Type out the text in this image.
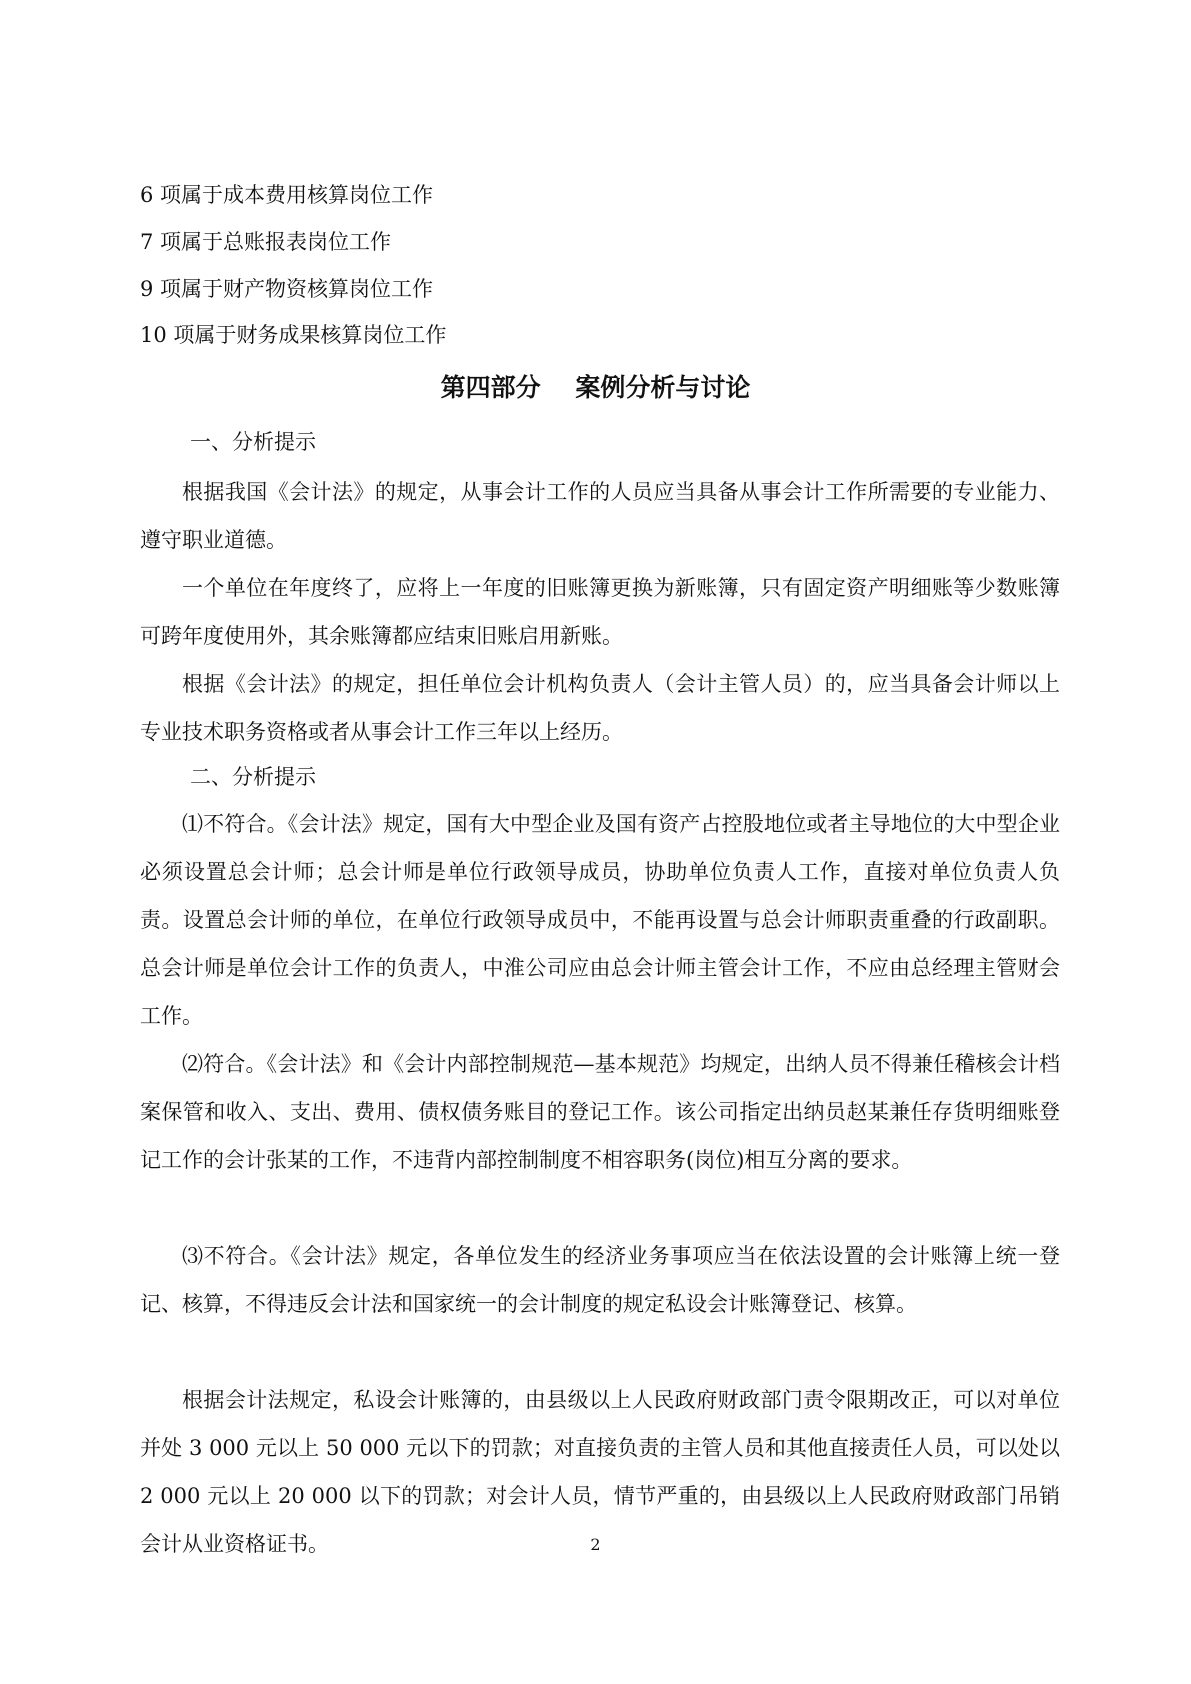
6 项属于成本费用核算岗位工作
7 项属于总账报表岗位工作
9 项属于财产物资核算岗位工作
10 项属于财务成果核算岗位工作
第四部分    案例分析与讨论
一、分析提示
根据我国《会计法》的规定，从事会计工作的人员应当具备从事会计工作所需要的专业能力、遵守职业道德。
一个单位在年度终了，应将上一年度的旧账簿更换为新账簿，只有固定资产明细账等少数账簿可跨年度使用外，其余账簿都应结束旧账启用新账。
根据《会计法》的规定，担任单位会计机构负责人（会计主管人员）的，应当具备会计师以上专业技术职务资格或者从事会计工作三年以上经历。
二、分析提示
⑴不符合。《会计法》规定，国有大中型企业及国有资产占控股地位或者主导地位的大中型企业必须设置总会计师；总会计师是单位行政领导成员，协助单位负责人工作，直接对单位负责人负责。设置总会计师的单位，在单位行政领导成员中，不能再设置与总会计师职责重叠的行政副职。总会计师是单位会计工作的负责人，中淮公司应由总会计师主管会计工作，不应由总经理主管财会工作。
⑵符合。《会计法》和《会计内部控制规范—基本规范》均规定，出纳人员不得兼任稽核会计档案保管和收入、支出、费用、债权债务账目的登记工作。该公司指定出纳员赵某兼任存货明细账登记工作的会计张某的工作，不违背内部控制制度不相容职务(岗位)相互分离的要求。
⑶不符合。《会计法》规定，各单位发生的经济业务事项应当在依法设置的会计账簿上统一登记、核算，不得违反会计法和国家统一的会计制度的规定私设会计账簿登记、核算。
根据会计法规定，私设会计账簿的，由县级以上人民政府财政部门责令限期改正，可以对单位并处 3 000 元以上 50 000 元以下的罚款；对直接负责的主管人员和其他直接责任人员，可以处以 2 000 元以上 20 000 以下的罚款；对会计人员，情节严重的，由县级以上人民政府财政部门吊销会计从业资格证书。	2
